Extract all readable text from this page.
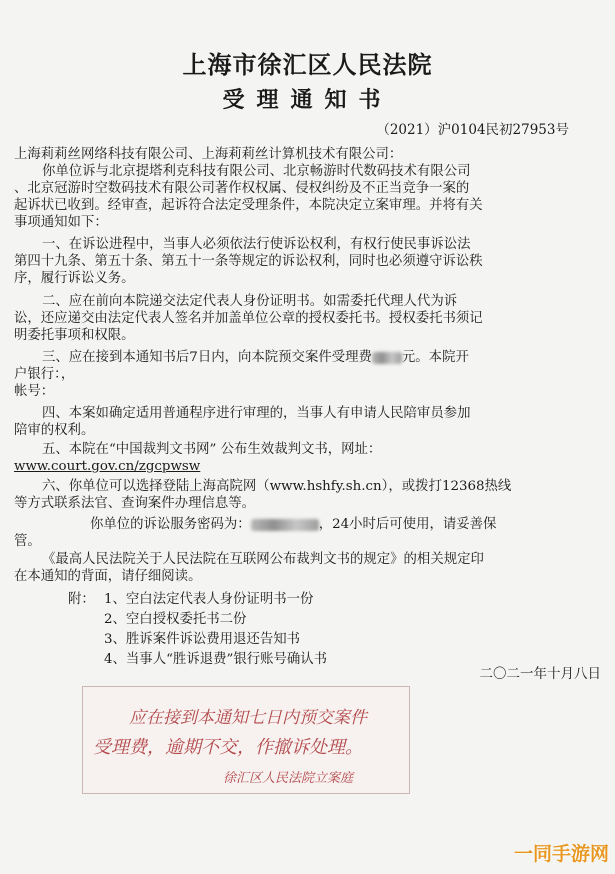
上海市徐汇区人民法院
受理通知书
（2021）沪0104民初27953号
上海莉莉丝网络科技有限公司、上海莉莉丝计算机技术有限公司：
你单位诉与北京提塔利克科技有限公司、北京畅游时代数码技术有限公司
、北京冠游时空数码技术有限公司著作权权属、侵权纠纷及不正当竞争一案的
起诉状已收到。经审查，起诉符合法定受理条件，本院决定立案审理。并将有关
事项通知如下：
一、在诉讼进程中，当事人必须依法行使诉讼权利，有权行使民事诉讼法
第四十九条、第五十条、第五十一条等规定的诉讼权利，同时也必须遵守诉讼秩
序，履行诉讼义务。
二、应在前向本院递交法定代表人身份证明书。如需委托代理人代为诉
讼，还应递交由法定代表人签名并加盖单位公章的授权委托书。授权委托书须记
明委托事项和权限。
三、应在接到本通知书后7日内，向本院预交案件受理费 元。本院开
户银行：，
帐号：
四、本案如确定适用普通程序进行审理的，当事人有申请人民陪审员参加
陪审的权利。
五、本院在“中国裁判文书网” 公布生效裁判文书，网址：
www.court.gov.cn/zgcpwsw
六、你单位可以选择登陆上海高院网（www.hshfy.sh.cn），或拨打12368热线
等方式联系法官、查询案件办理信息等。
你单位的诉讼服务密码为：	，24小时后可使用，请妥善保
管。
《最高人民法院关于人民法院在互联网公布裁判文书的规定》的相关规定印
在本通知的背面，请仔细阅读。
附： 1、空白法定代表人身份证明书一份
2、空白授权委托书二份
3、胜诉案件诉讼费用退还告知书
4、当事人“胜诉退费”银行账号确认书
二〇二一年十月八日
应在接到本通知七日内预交案件
受理费，逾期不交，作撤诉处理。
徐汇区人民法院立案庭
一同手游网
